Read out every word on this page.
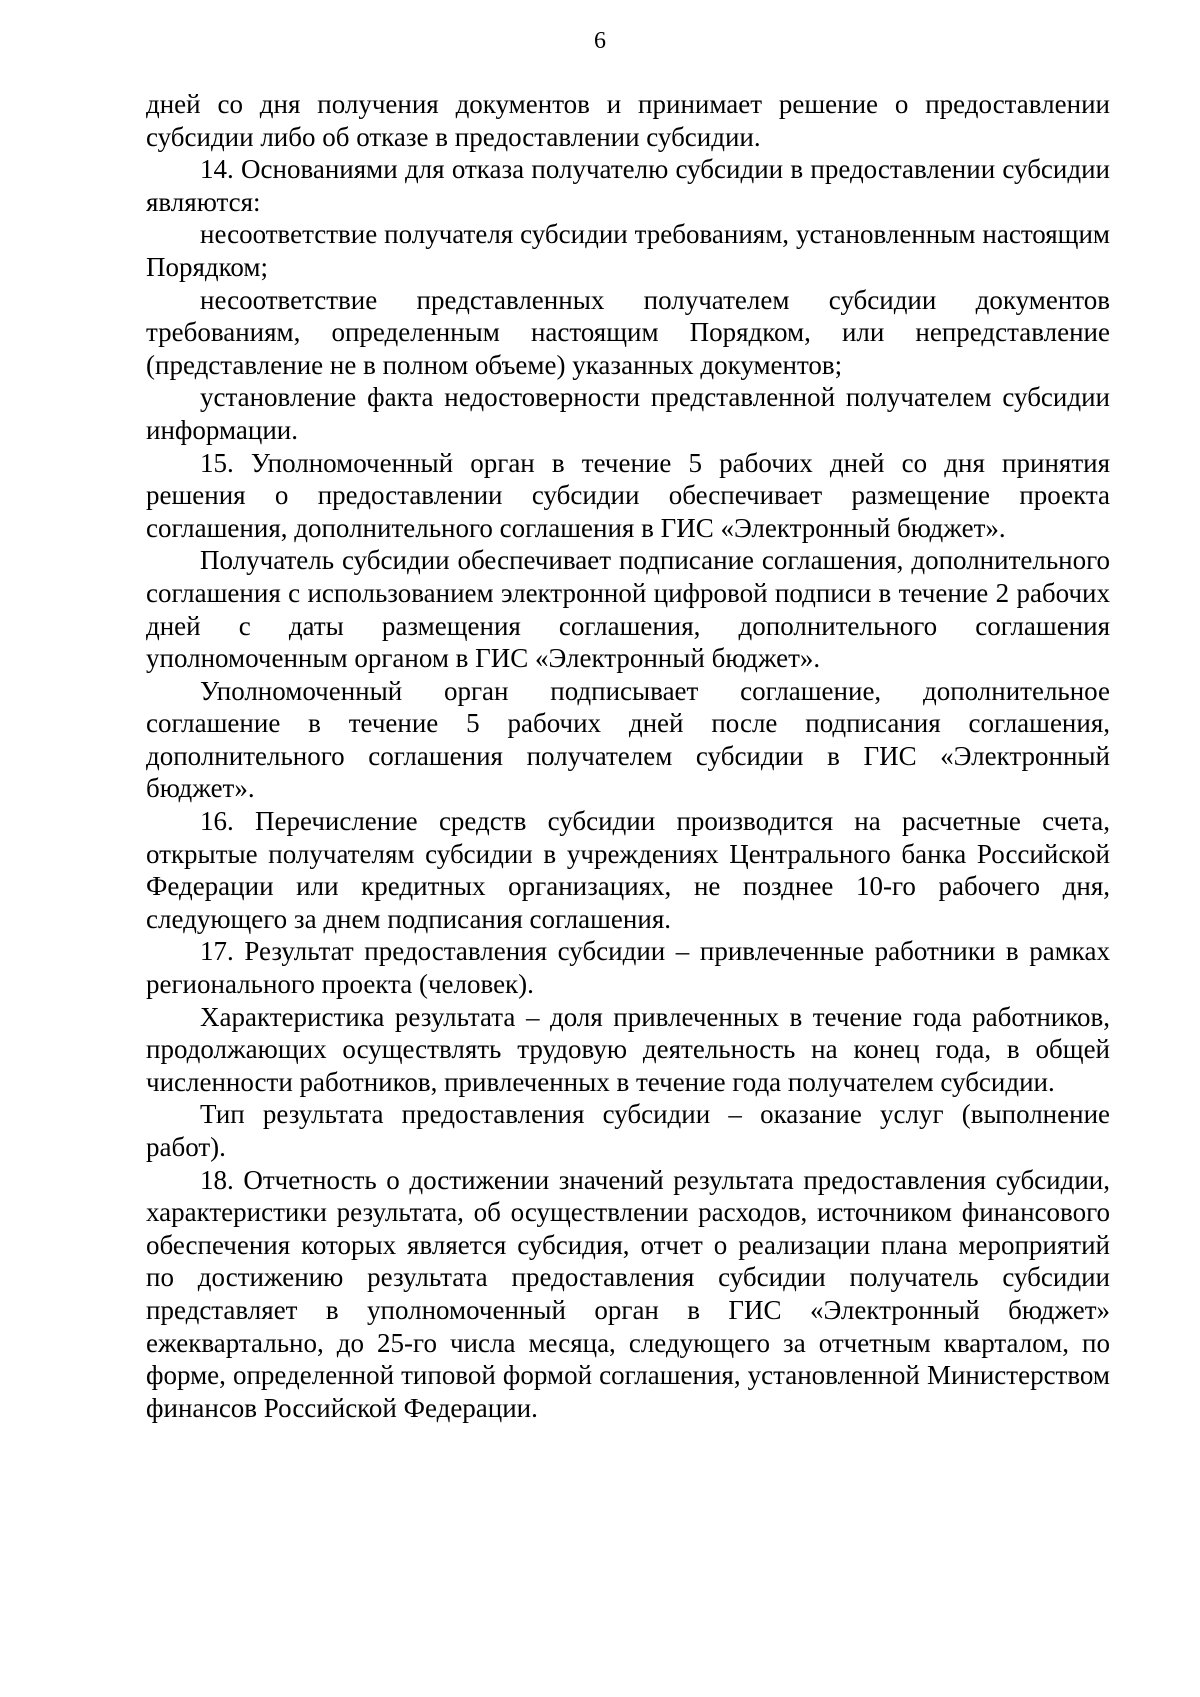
6

дней со дня получения документов и принимает решение о предоставлении субсидии либо об отказе в предоставлении субсидии.

14. Основаниями для отказа получателю субсидии в предоставлении субсидии являются:

несоответствие получателя субсидии требованиям, установленным настоящим Порядком;

несоответствие представленных получателем субсидии документов требованиям, определенным настоящим Порядком, или непредставление (представление не в полном объеме) указанных документов;

установление факта недостоверности представленной получателем субсидии информации.

15. Уполномоченный орган в течение 5 рабочих дней со дня принятия решения о предоставлении субсидии обеспечивает размещение проекта соглашения, дополнительного соглашения в ГИС «Электронный бюджет».

Получатель субсидии обеспечивает подписание соглашения, дополнительного соглашения с использованием электронной цифровой подписи в течение 2 рабочих дней с даты размещения соглашения, дополнительного соглашения уполномоченным органом в ГИС «Электронный бюджет».

Уполномоченный орган подписывает соглашение, дополнительное соглашение в течение 5 рабочих дней после подписания соглашения, дополнительного соглашения получателем субсидии в ГИС «Электронный бюджет».

16. Перечисление средств субсидии производится на расчетные счета, открытые получателям субсидии в учреждениях Центрального банка Российской Федерации или кредитных организациях, не позднее 10-го рабочего дня, следующего за днем подписания соглашения.

17. Результат предоставления субсидии – привлеченные работники в рамках регионального проекта (человек).

Характеристика результата – доля привлеченных в течение года работников, продолжающих осуществлять трудовую деятельность на конец года, в общей численности работников, привлеченных в течение года получателем субсидии.

Тип результата предоставления субсидии – оказание услуг (выполнение работ).

18. Отчетность о достижении значений результата предоставления субсидии, характеристики результата, об осуществлении расходов, источником финансового обеспечения которых является субсидия, отчет о реализации плана мероприятий по достижению результата предоставления субсидии получатель субсидии представляет в уполномоченный орган в ГИС «Электронный бюджет» ежеквартально, до 25-го числа месяца, следующего за отчетным кварталом, по форме, определенной типовой формой соглашения, установленной Министерством финансов Российской Федерации.
